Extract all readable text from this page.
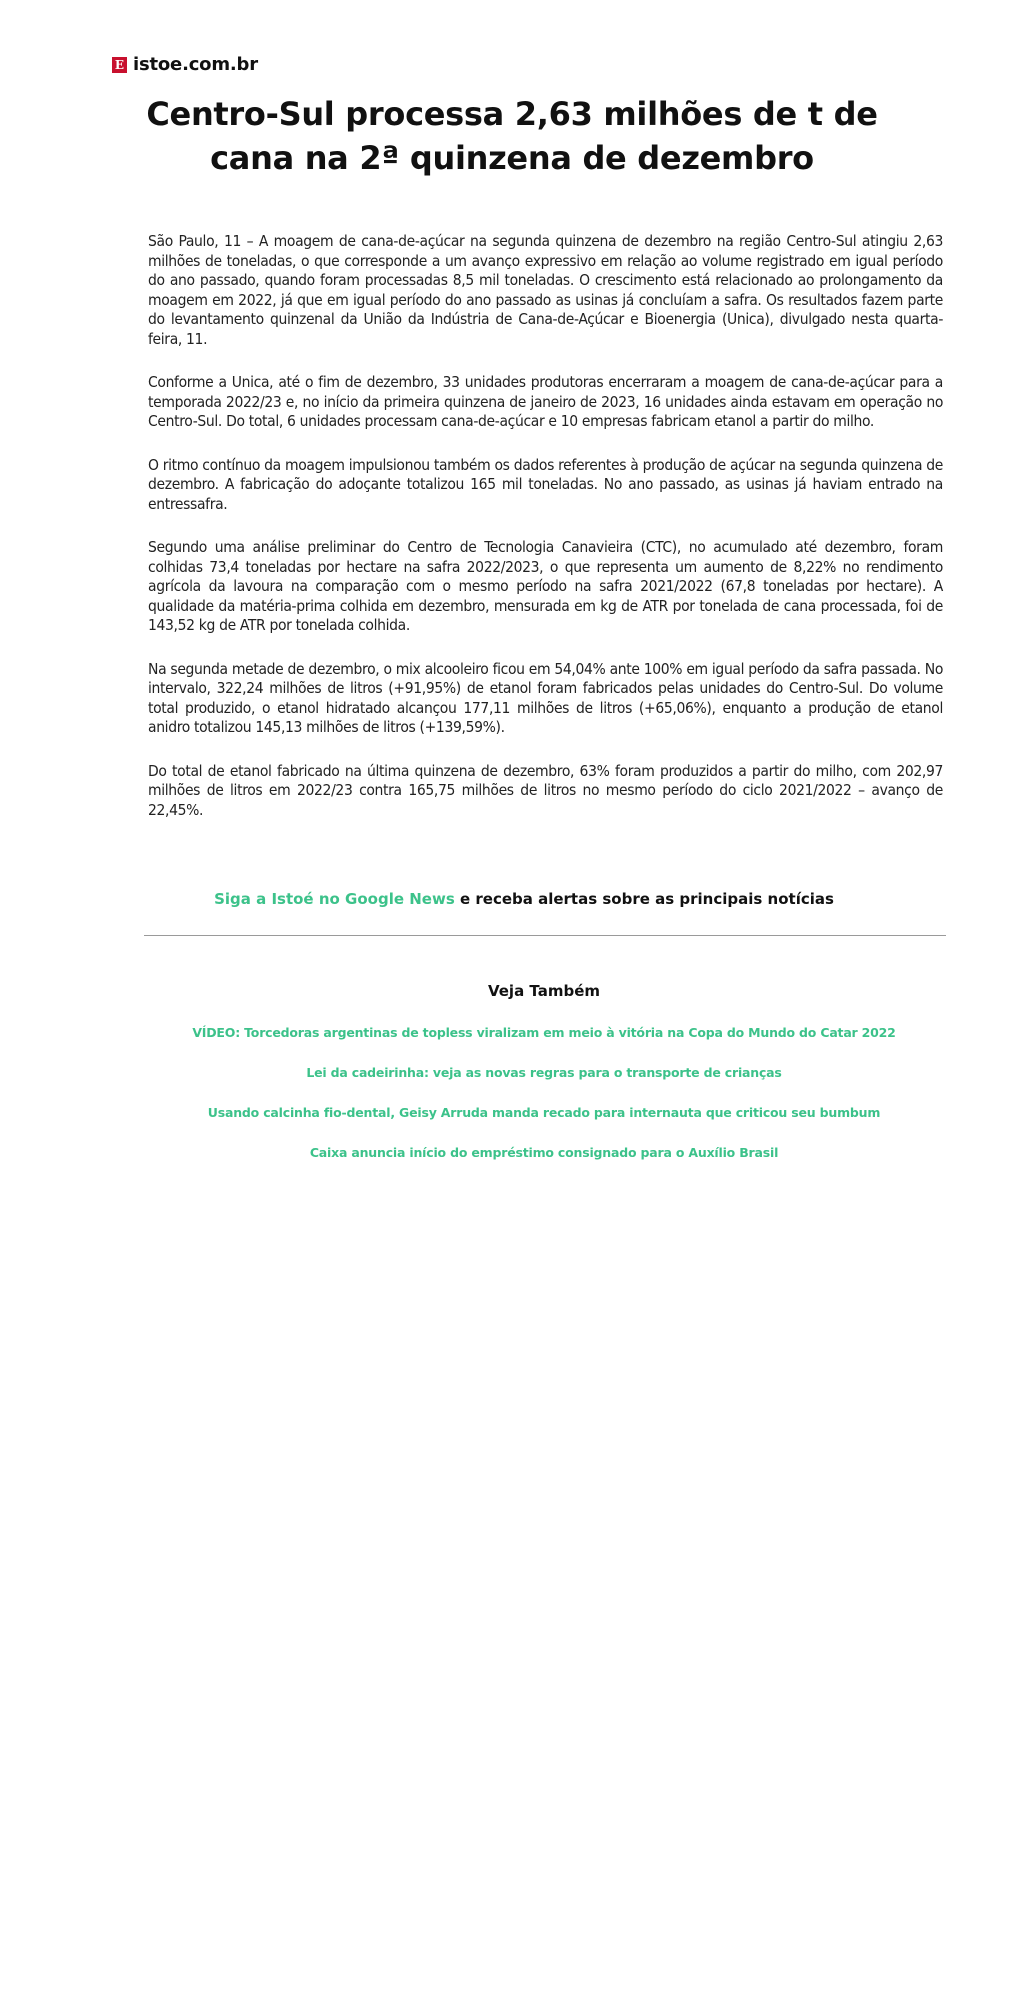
E istoe.com.br
Centro-Sul processa 2,63 milhões de t de cana na 2ª quinzena de dezembro

São Paulo, 11 – A moagem de cana-de-açúcar na segunda quinzena de dezembro na região Centro-Sul atingiu 2,63 milhões de toneladas, o que corresponde a um avanço expressivo em relação ao volume registrado em igual período do ano passado, quando foram processadas 8,5 mil toneladas. O crescimento está relacionado ao prolongamento da moagem em 2022, já que em igual período do ano passado as usinas já concluíam a safra. Os resultados fazem parte do levantamento quinzenal da União da Indústria de Cana-de-Açúcar e Bioenergia (Unica), divulgado nesta quarta-feira, 11.

Conforme a Unica, até o fim de dezembro, 33 unidades produtoras encerraram a moagem de cana-de-açúcar para a temporada 2022/23 e, no início da primeira quinzena de janeiro de 2023, 16 unidades ainda estavam em operação no Centro-Sul. Do total, 6 unidades processam cana-de-açúcar e 10 empresas fabricam etanol a partir do milho.

O ritmo contínuo da moagem impulsionou também os dados referentes à produção de açúcar na segunda quinzena de dezembro. A fabricação do adoçante totalizou 165 mil toneladas. No ano passado, as usinas já haviam entrado na entressafra.

Segundo uma análise preliminar do Centro de Tecnologia Canavieira (CTC), no acumulado até dezembro, foram colhidas 73,4 toneladas por hectare na safra 2022/2023, o que representa um aumento de 8,22% no rendimento agrícola da lavoura na comparação com o mesmo período na safra 2021/2022 (67,8 toneladas por hectare). A qualidade da matéria-prima colhida em dezembro, mensurada em kg de ATR por tonelada de cana processada, foi de 143,52 kg de ATR por tonelada colhida.

Na segunda metade de dezembro, o mix alcooleiro ficou em 54,04% ante 100% em igual período da safra passada. No intervalo, 322,24 milhões de litros (+91,95%) de etanol foram fabricados pelas unidades do Centro-Sul. Do volume total produzido, o etanol hidratado alcançou 177,11 milhões de litros (+65,06%), enquanto a produção de etanol anidro totalizou 145,13 milhões de litros (+139,59%).

Do total de etanol fabricado na última quinzena de dezembro, 63% foram produzidos a partir do milho, com 202,97 milhões de litros em 2022/23 contra 165,75 milhões de litros no mesmo período do ciclo 2021/2022 – avanço de 22,45%.

Siga a Istoé no Google News e receba alertas sobre as principais notícias
Veja Também
VÍDEO: Torcedoras argentinas de topless viralizam em meio à vitória na Copa do Mundo do Catar 2022
Lei da cadeirinha: veja as novas regras para o transporte de crianças
Usando calcinha fio-dental, Geisy Arruda manda recado para internauta que criticou seu bumbum
Caixa anuncia início do empréstimo consignado para o Auxílio Brasil
